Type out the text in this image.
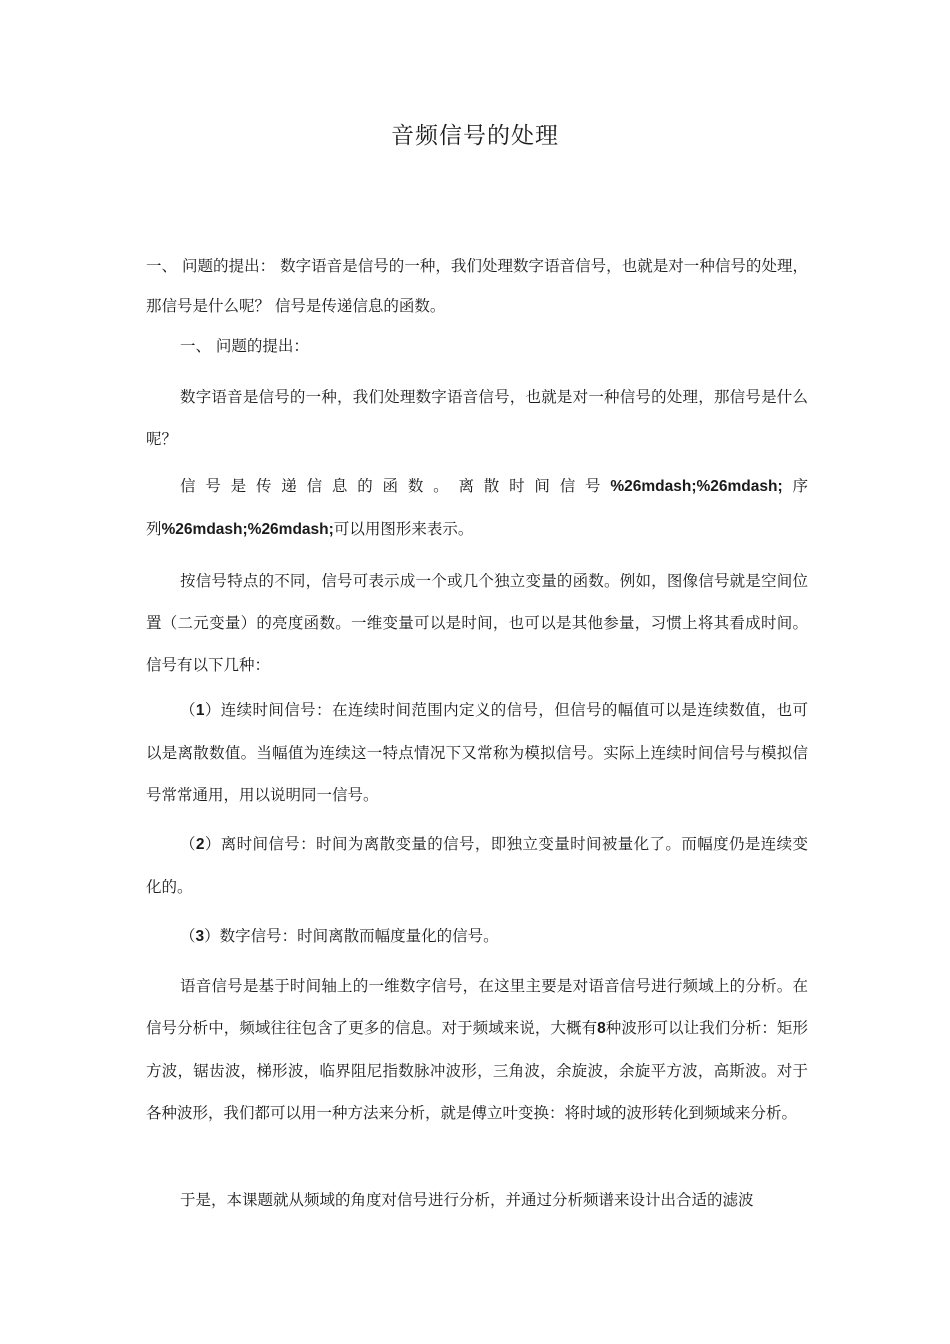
音频信号的处理

一、 问题的提出： 数字语音是信号的一种，我们处理数字语音信号，也就是对一种信号的处理，那信号是什么呢？ 信号是传递信息的函数。

一、 问题的提出：

数字语音是信号的一种，我们处理数字语音信号，也就是对一种信号的处理，那信号是什么呢？

信号是传递信息的函数。离散时间信号%26mdash;%26mdash;序列%26mdash;%26mdash;可以用图形来表示。

按信号特点的不同，信号可表示成一个或几个独立变量的函数。例如，图像信号就是空间位置（二元变量）的亮度函数。一维变量可以是时间，也可以是其他参量，习惯上将其看成时间。信号有以下几种：

（1）连续时间信号：在连续时间范围内定义的信号，但信号的幅值可以是连续数值，也可以是离散数值。当幅值为连续这一特点情况下又常称为模拟信号。实际上连续时间信号与模拟信号常常通用，用以说明同一信号。

（2）离时间信号：时间为离散变量的信号，即独立变量时间被量化了。而幅度仍是连续变化的。

（3）数字信号：时间离散而幅度量化的信号。

语音信号是基于时间轴上的一维数字信号，在这里主要是对语音信号进行频域上的分析。在信号分析中，频域往往包含了更多的信息。对于频域来说，大概有8种波形可以让我们分析：矩形方波，锯齿波，梯形波，临界阻尼指数脉冲波形，三角波，余旋波，余旋平方波，高斯波。对于各种波形，我们都可以用一种方法来分析，就是傅立叶变换：将时域的波形转化到频域来分析。

于是，本课题就从频域的角度对信号进行分析，并通过分析频谱来设计出合适的滤波
